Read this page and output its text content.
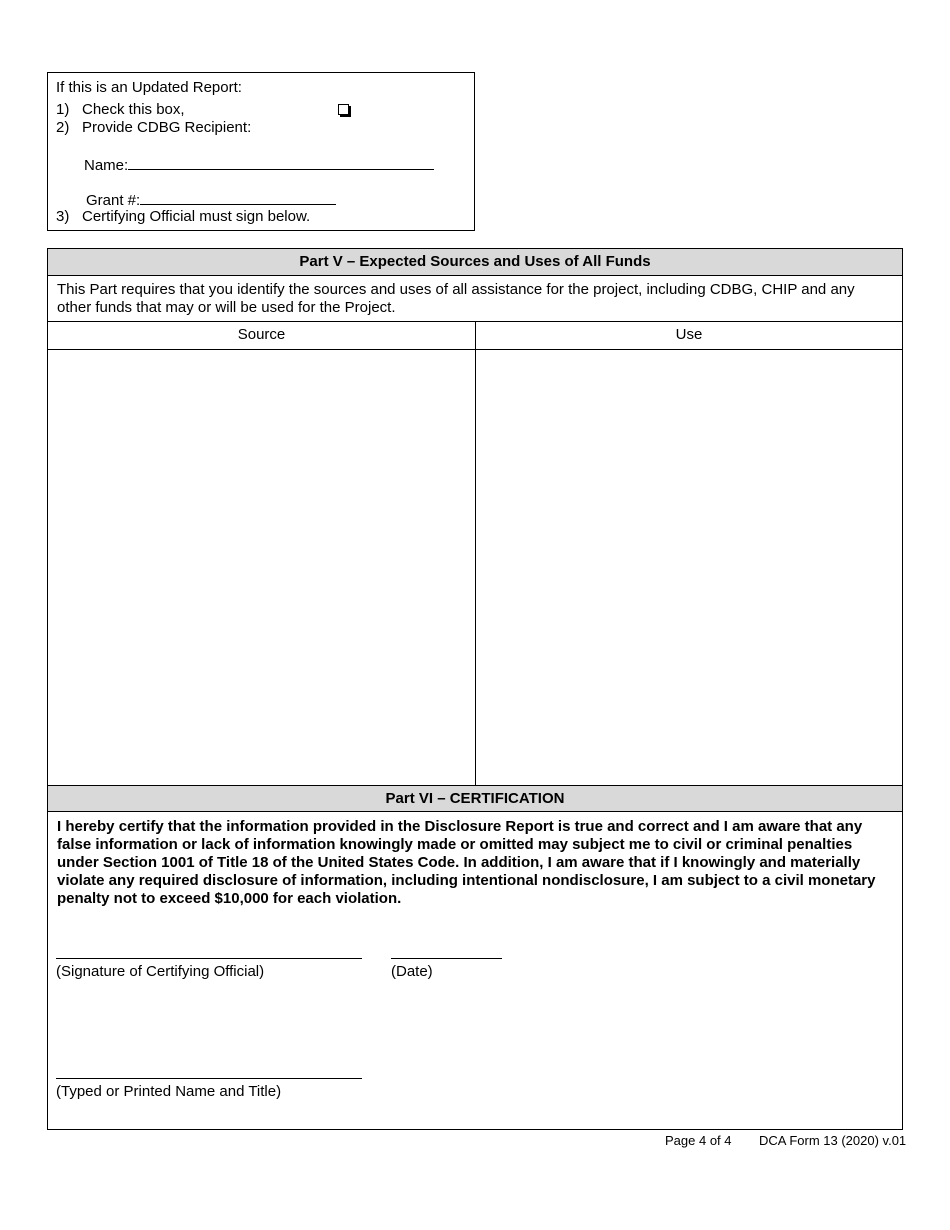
If this is an Updated Report:
1) Check this box,
2) Provide CDBG Recipient:
Name:
Grant #:
3) Certifying Official must sign below.
Part V – Expected Sources and Uses of All Funds
This Part requires that you identify the sources and uses of all assistance for the project, including CDBG, CHIP and any other funds that may or will be used for the Project.
Source	Use
Part VI – CERTIFICATION
I hereby certify that the information provided in the Disclosure Report is true and correct and I am aware that any false information or lack of information knowingly made or omitted may subject me to civil or criminal penalties under Section 1001 of Title 18 of the United States Code. In addition, I am aware that if I knowingly and materially violate any required disclosure of information, including intentional nondisclosure, I am subject to a civil monetary penalty not to exceed $10,000 for each violation.
(Signature of Certifying Official)	(Date)
(Typed or Printed Name and Title)
Page 4 of 4 DCA Form 13 (2020) v.01
